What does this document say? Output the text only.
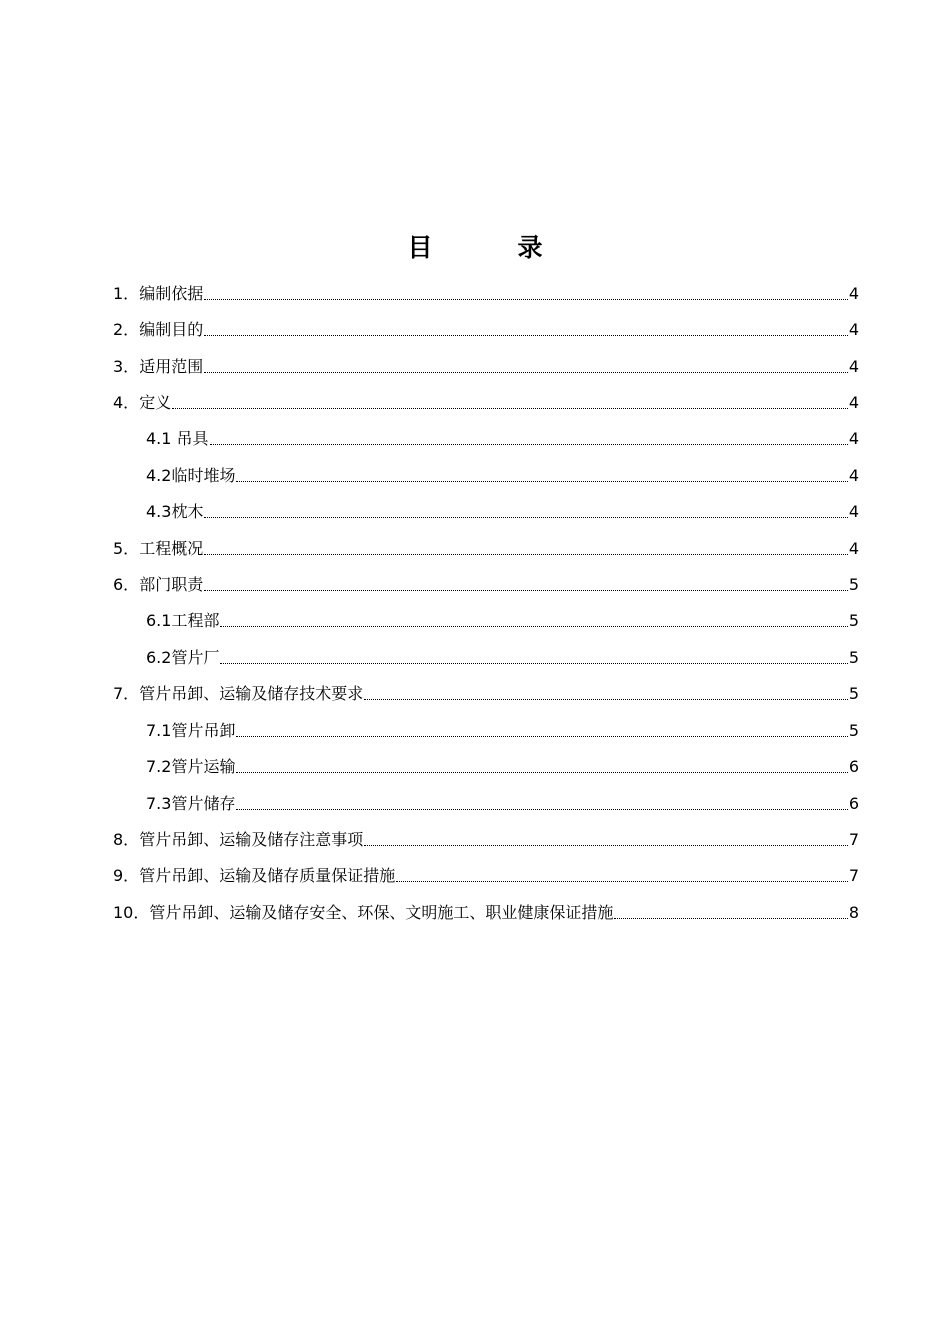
目　录
1． 编制依据	4
2． 编制目的	4
3． 适用范围	4
4． 定义	4
4.1 吊具	4
4.2 临时堆场	4
4.3 枕木	4
5． 工程概况	4
6． 部门职责	5
6.1 工程部	5
6.2 管片厂	5
7． 管片吊卸、运输及储存技术要求	5
7.1 管片吊卸	5
7.2 管片运输	6
7.3 管片储存	6
8． 管片吊卸、运输及储存注意事项	7
9． 管片吊卸、运输及储存质量保证措施	7
10． 管片吊卸、运输及储存安全、环保、文明施工、职业健康保证措施	8
